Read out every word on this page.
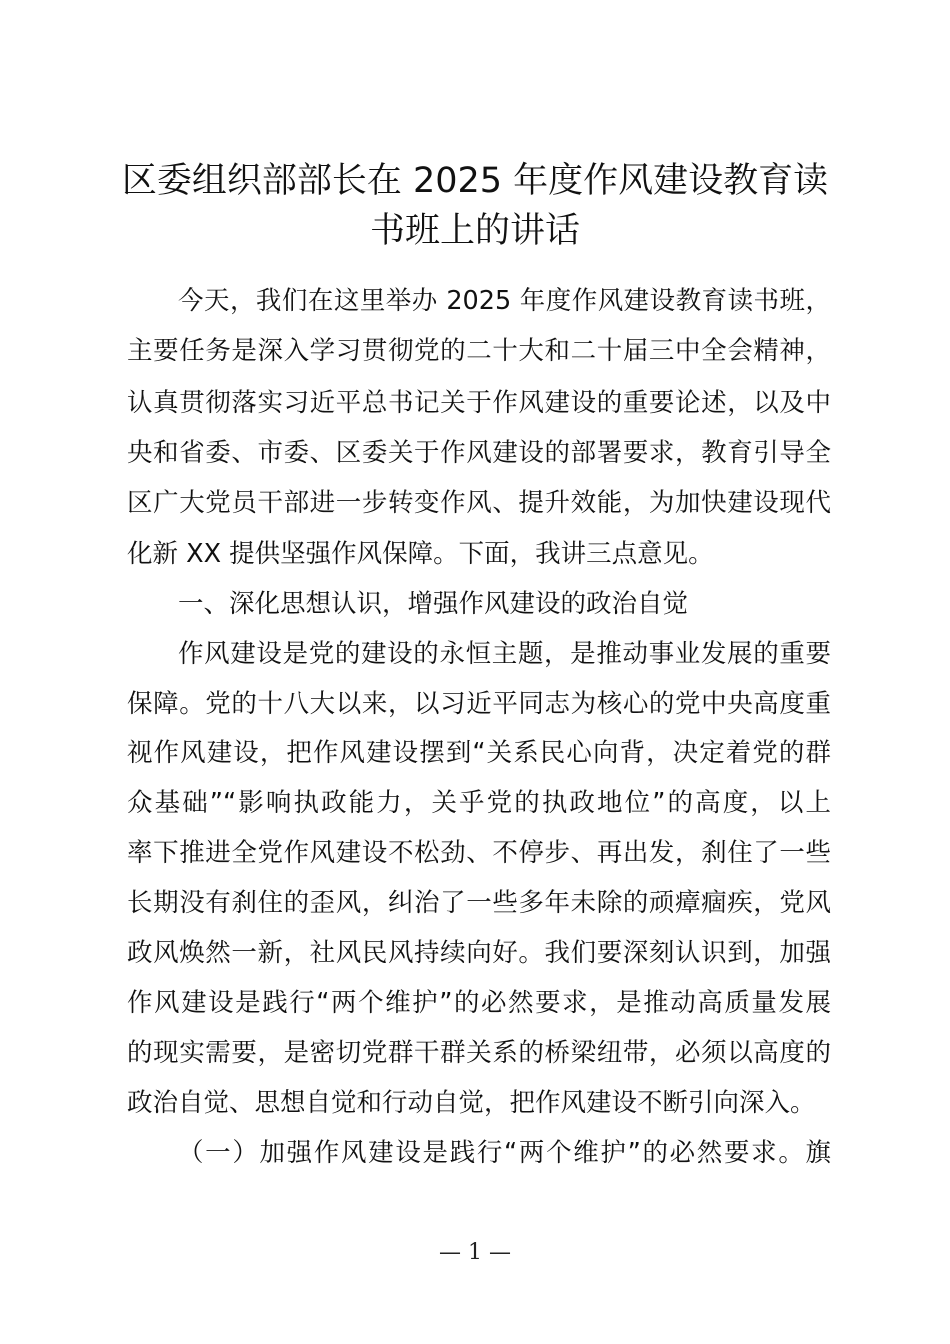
区委组织部部长在 2025 年度作风建设教育读
书班上的讲话
今天，我们在这里举办 2025 年度作风建设教育读书班，
主要任务是深入学习贯彻党的二十大和二十届三中全会精神，
认真贯彻落实习近平总书记关于作风建设的重要论述，以及中
央和省委、市委、区委关于作风建设的部署要求，教育引导全
区广大党员干部进一步转变作风、提升效能，为加快建设现代
化新 XX 提供坚强作风保障。下面，我讲三点意见。
一、深化思想认识，增强作风建设的政治自觉
作风建设是党的建设的永恒主题，是推动事业发展的重要
保障。党的十八大以来，以习近平同志为核心的党中央高度重
视作风建设，把作风建设摆到“关系民心向背，决定着党的群
众基础”“影响执政能力，关乎党的执政地位”的高度，以上
率下推进全党作风建设不松劲、不停步、再出发，刹住了一些
长期没有刹住的歪风，纠治了一些多年未除的顽瘴痼疾，党风
政风焕然一新，社风民风持续向好。我们要深刻认识到，加强
作风建设是践行“两个维护”的必然要求，是推动高质量发展
的现实需要，是密切党群干群关系的桥梁纽带，必须以高度的
政治自觉、思想自觉和行动自觉，把作风建设不断引向深入。
（一）加强作风建设是践行“两个维护”的必然要求。旗
— 1 —
